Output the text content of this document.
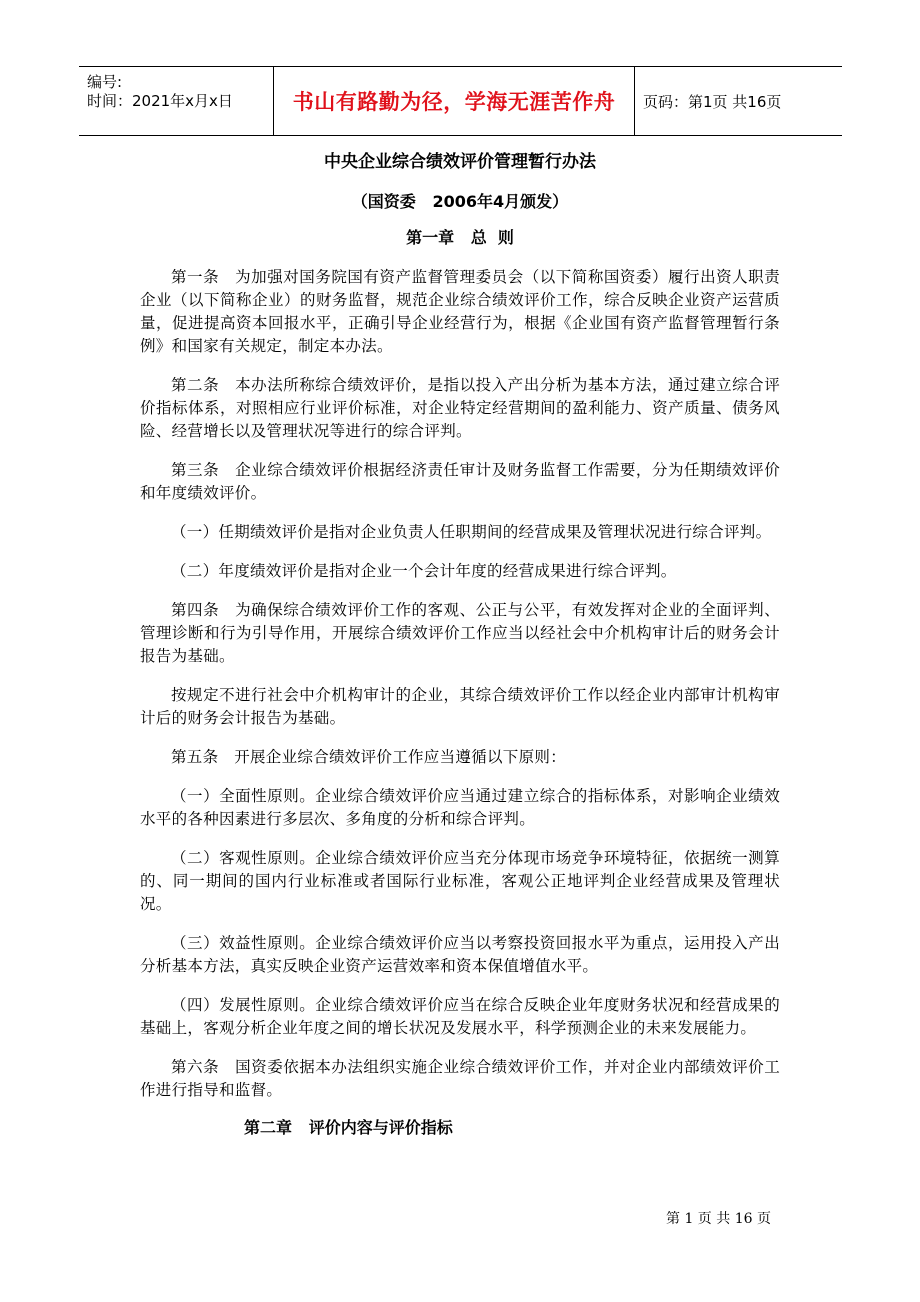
编号:
时间：2021年x月x日	书山有路勤为径，学海无涯苦作舟	页码：第1页 共16页
中央企业综合绩效评价管理暂行办法
（国资委   2006年4月颁发）
第一章   总  则

第一条　为加强对国务院国有资产监督管理委员会（以下简称国资委）履行出资人职责企业（以下简称企业）的财务监督，规范企业综合绩效评价工作，综合反映企业资产运营质量，促进提高资本回报水平，正确引导企业经营行为，根据《企业国有资产监督管理暂行条例》和国家有关规定，制定本办法。

第二条　本办法所称综合绩效评价，是指以投入产出分析为基本方法，通过建立综合评价指标体系，对照相应行业评价标准，对企业特定经营期间的盈利能力、资产质量、债务风险、经营增长以及管理状况等进行的综合评判。

第三条　企业综合绩效评价根据经济责任审计及财务监督工作需要，分为任期绩效评价和年度绩效评价。

（一）任期绩效评价是指对企业负责人任职期间的经营成果及管理状况进行综合评判。

（二）年度绩效评价是指对企业一个会计年度的经营成果进行综合评判。

第四条　为确保综合绩效评价工作的客观、公正与公平，有效发挥对企业的全面评判、管理诊断和行为引导作用，开展综合绩效评价工作应当以经社会中介机构审计后的财务会计报告为基础。

按规定不进行社会中介机构审计的企业，其综合绩效评价工作以经企业内部审计机构审计后的财务会计报告为基础。

第五条　开展企业综合绩效评价工作应当遵循以下原则：

（一）全面性原则。企业综合绩效评价应当通过建立综合的指标体系，对影响企业绩效水平的各种因素进行多层次、多角度的分析和综合评判。

（二）客观性原则。企业综合绩效评价应当充分体现市场竞争环境特征，依据统一测算的、同一期间的国内行业标准或者国际行业标准，客观公正地评判企业经营成果及管理状况。

（三）效益性原则。企业综合绩效评价应当以考察投资回报水平为重点，运用投入产出分析基本方法，真实反映企业资产运营效率和资本保值增值水平。

（四）发展性原则。企业综合绩效评价应当在综合反映企业年度财务状况和经营成果的基础上，客观分析企业年度之间的增长状况及发展水平，科学预测企业的未来发展能力。

第六条　国资委依据本办法组织实施企业综合绩效评价工作，并对企业内部绩效评价工作进行指导和监督。

第二章   评价内容与评价指标
第 1 页 共 16 页
